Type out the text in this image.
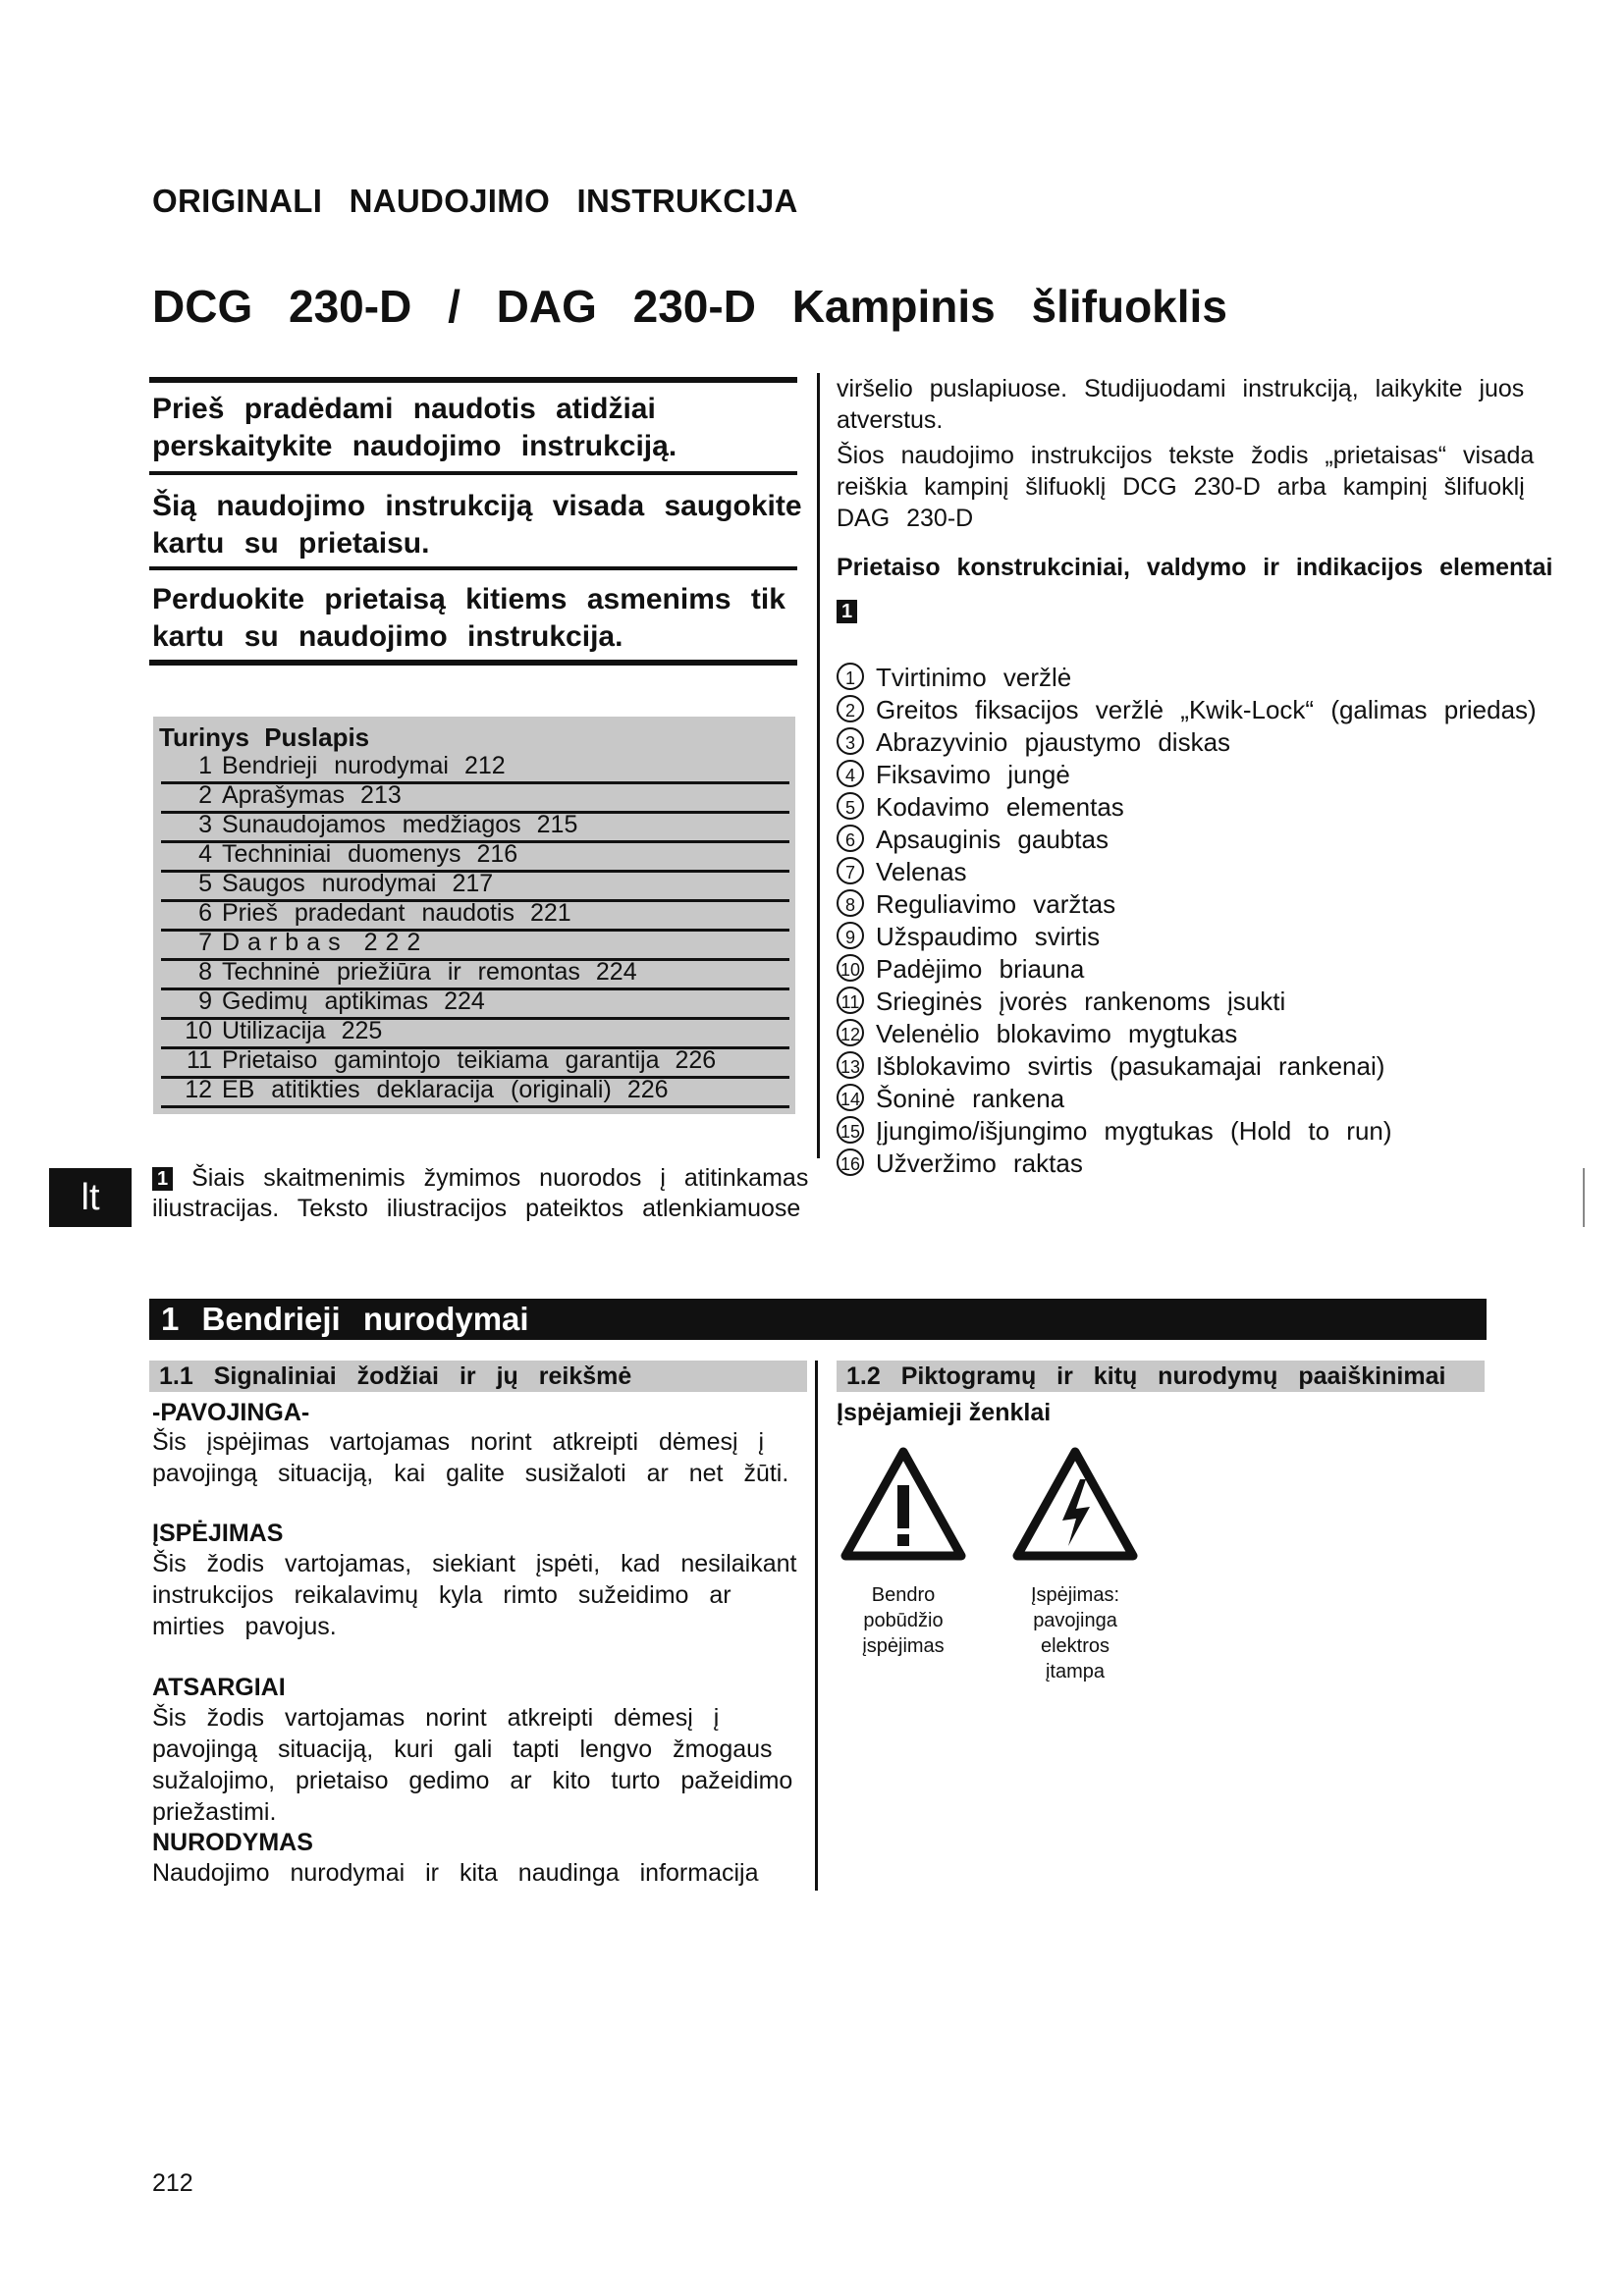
ORIGINALI NAUDOJIMO INSTRUKCIJA
DCG 230-D / DAG 230-D Kampinis šlifuoklis
Prieš pradėdami naudotis atidžiai perskaitykite naudojimo instrukciją.
Šią naudojimo instrukciją visada saugokite kartu su prietaisu.
Perduokite prietaisą kitiems asmenims tik kartu su naudojimo instrukcija.
Turinys Puslapis
1 Bendrieji nurodymai 212
2 Aprašymas 213
3 Sunaudojamos medžiagos 215
4 Techniniai duomenys 216
5 Saugos nurodymai 217
6 Prieš pradedant naudotis 221
7 Darbas 222
8 Techninė priežiūra ir remontas 224
9 Gedimų aptikimas 224
10 Utilizacija 225
11 Prietaiso gamintojo teikiama garantija 226
12 EB atitikties deklaracija (originali) 226

viršelio puslapiuose. Studijuodami instrukciją, laikykite juos atverstus.

Šios naudojimo instrukcijos tekste žodis „prietaisas“ visada reiškia kampinį šlifuoklį DCG 230-D arba kampinį šlifuoklį DAG 230-D

Prietaiso konstrukciniai, valdymo ir indikacijos elementai 1
1 Tvirtinimo veržlė
2 Greitos fiksacijos veržlė „Kwik-Lock“ (galimas priedas)
3 Abrazyvinio pjaustymo diskas
4 Fiksavimo jungė
5 Kodavimo elementas
6 Apsauginis gaubtas
7 Velenas
8 Reguliavimo varžtas
9 Užspaudimo svirtis
10 Padėjimo briauna
11 Srieginės įvorės rankenoms įsukti
12 Velenėlio blokavimo mygtukas
13 Išblokavimo svirtis (pasukamajai rankenai)
14 Šoninė rankena
15 Įjungimo/išjungimo mygtukas (Hold to run)
16 Užveržimo raktas
lt	1 Šiais skaitmenimis žymimos nuorodos į atitinkamas iliustracijas. Teksto iliustracijos pateiktos atlenkiamuose
1 Bendrieji nurodymai
1.1 Signaliniai žodžiai ir jų reikšmė	1.2 Piktogramų ir kitų nurodymų paaiškinimai
-PAVOJINGA-

Šis įspėjimas vartojamas norint atkreipti dėmesį į pavojingą situaciją, kai galite susižaloti ar net žūti.

ĮSPĖJIMAS

Šis žodis vartojamas, siekiant įspėti, kad nesilaikant instrukcijos reikalavimų kyla rimto sužeidimo ar mirties pavojus.

ATSARGIAI

Šis žodis vartojamas norint atkreipti dėmesį į pavojingą situaciją, kuri gali tapti lengvo žmogaus sužalojimo, prietaiso gedimo ar kito turto pažeidimo priežastimi.

NURODYMAS

Naudojimo nurodymai ir kita naudinga informacija

Įspėjamieji ženklai
Bendro
pobūdžio
įspėjimas
Įspėjimas:
pavojinga
elektros
įtampa
212
